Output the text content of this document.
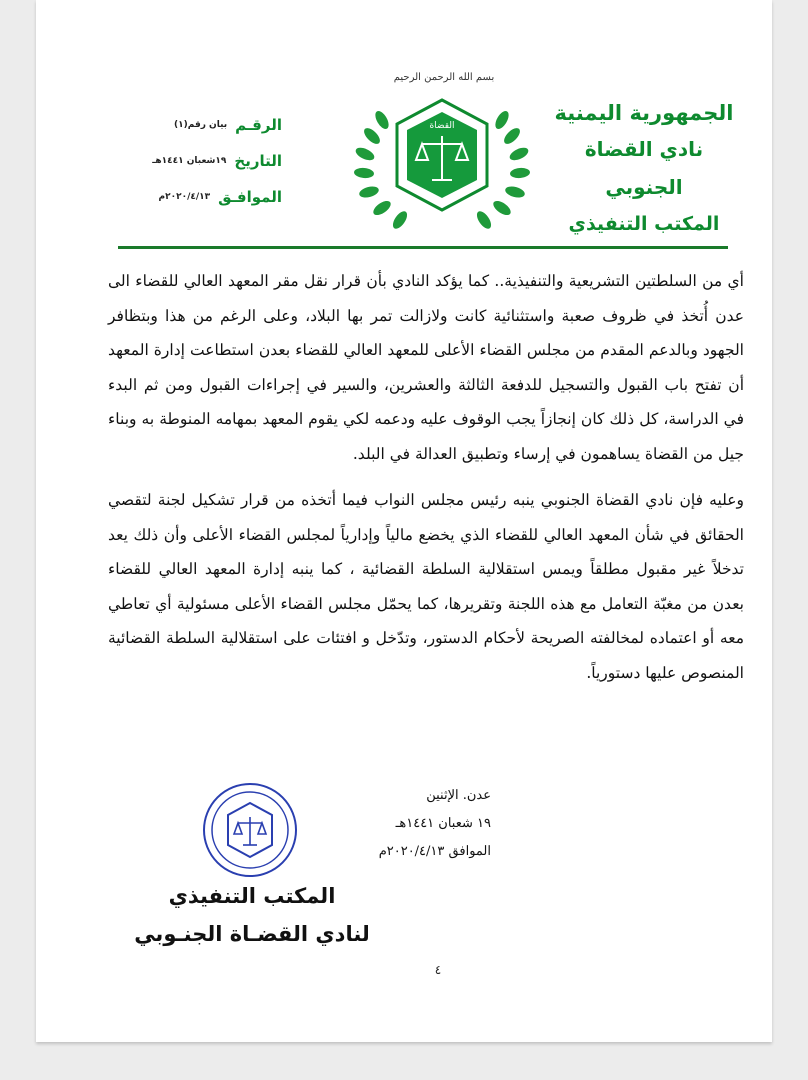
الجمهورية اليمنية
نادي القضاة الجنوبي
المكتب التنفيذي
بسم الله الرحمن الرحيم
القضاة
الرقـم
بيان رقم(١)
التاريخ
١٩شعبان ١٤٤١هـ
الموافـق
٢٠٢٠/٤/١٣م

أي من السلطتين التشريعية والتنفيذية.. كما يؤكد النادي بأن قرار نقل مقر المعهد العالي للقضاء الى عدن أُتخذ في ظروف صعبة واستثنائية كانت ولازالت تمر بها البلاد، وعلى الرغم من هذا وبتظافر الجهود وبالدعم المقدم من مجلس القضاء الأعلى للمعهد العالي للقضاء بعدن استطاعت إدارة المعهد أن تفتح باب القبول والتسجيل للدفعة الثالثة والعشرين، والسير في إجراءات القبول ومن ثم البدء في الدراسة، كل ذلك كان إنجازاً يجب الوقوف عليه ودعمه لكي يقوم المعهد بمهامه المنوطة به وبناء جيل من القضاة يساهمون في إرساء وتطبيق العدالة في البلد.

وعليه فإن نادي القضاة الجنوبي ينبه رئيس مجلس النواب فيما أتخذه من قرار تشكيل لجنة لتقصي الحقائق في شأن المعهد العالي للقضاء الذي يخضع مالياً وإدارياً لمجلس القضاء الأعلى وأن ذلك يعد تدخلاً غير مقبول مطلقاً ويمس استقلالية السلطة القضائية ، كما ينبه إدارة المعهد العالي للقضاء بعدن من مغبّة التعامل مع هذه اللجنة وتقريرها، كما يحمّل مجلس القضاء الأعلى مسئولية أي تعاطي معه أو اعتماده لمخالفته الصريحة لأحكام الدستور، وتدّخل و افتئات على استقلالية السلطة القضائية المنصوص عليها دستورياً.

عدن. الإثنين
١٩ شعبان ١٤٤١هـ
الموافق ٢٠٢٠/٤/١٣م
المكتب التنفيذي
لنادي القضـاة الجنـوبي
٤
